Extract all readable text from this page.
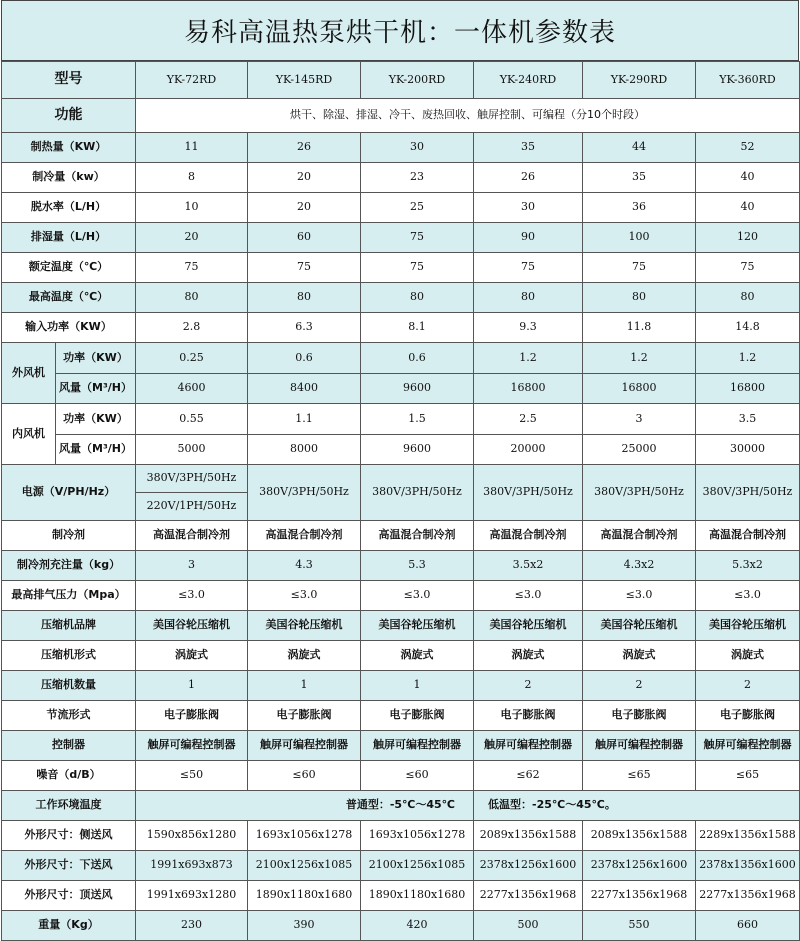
易科高温热泵烘干机：一体机参数表
型号		YK-72RD	YK-145RD	YK-200RD	YK-240RD	YK-290RD	YK-360RD
功能		烘干、除湿、排湿、冷干、废热回收、触屏控制、可编程（分10个时段）					
制热量（KW）		11	26	30	35	44	52
制冷量（kw）		8	20	23	26	35	40
脱水率（L/H）		10	20	25	30	36	40
排湿量（L/H）		20	60	75	90	100	120
额定温度（℃）		75	75	75	75	75	75
最高温度（℃）		80	80	80	80	80	80
输入功率（KW）		2.8	6.3	8.1	9.3	11.8	14.8
外风机	功率（KW）	0.25	0.6	0.6	1.2	1.2	1.2
	风量（M³/H）	4600	8400	9600	16800	16800	16800
内风机	功率（KW）	0.55	1.1	1.5	2.5	3	3.5
	风量（M³/H）	5000	8000	9600	20000	25000	30000
电源（V/PH/Hz）		380V/3PH/50Hz	380V/3PH/50Hz	380V/3PH/50Hz	380V/3PH/50Hz	380V/3PH/50Hz	380V/3PH/50Hz
		220V/1PH/50Hz					
制冷剂		高温混合制冷剂	高温混合制冷剂	高温混合制冷剂	高温混合制冷剂	高温混合制冷剂	高温混合制冷剂
制冷剂充注量（kg）		3	4.3	5.3	3.5x2	4.3x2	5.3x2
最高排气压力（Mpa）		≤3.0	≤3.0	≤3.0	≤3.0	≤3.0	≤3.0
压缩机品牌		美国谷轮压缩机	美国谷轮压缩机	美国谷轮压缩机	美国谷轮压缩机	美国谷轮压缩机	美国谷轮压缩机
压缩机形式		涡旋式	涡旋式	涡旋式	涡旋式	涡旋式	涡旋式
压缩机数量		1	1	1	2	2	2
节流形式		电子膨胀阀	电子膨胀阀	电子膨胀阀	电子膨胀阀	电子膨胀阀	电子膨胀阀
控制器		触屏可编程控制器	触屏可编程控制器	触屏可编程控制器	触屏可编程控制器	触屏可编程控制器	触屏可编程控制器
噪音（d/B）		≤50	≤60	≤60	≤62	≤65	≤65
工作环境温度		普通型：-5℃～45℃			低温型：-25℃～45℃。		
外形尺寸：侧送风		1590x856x1280	1693x1056x1278	1693x1056x1278	2089x1356x1588	2089x1356x1588	2289x1356x1588
外形尺寸：下送风		1991x693x873	2100x1256x1085	2100x1256x1085	2378x1256x1600	2378x1256x1600	2378x1356x1600
外形尺寸：顶送风		1991x693x1280	1890x1180x1680	1890x1180x1680	2277x1356x1968	2277x1356x1968	2277x1356x1968
重量（Kg）		230	390	420	500	550	660
